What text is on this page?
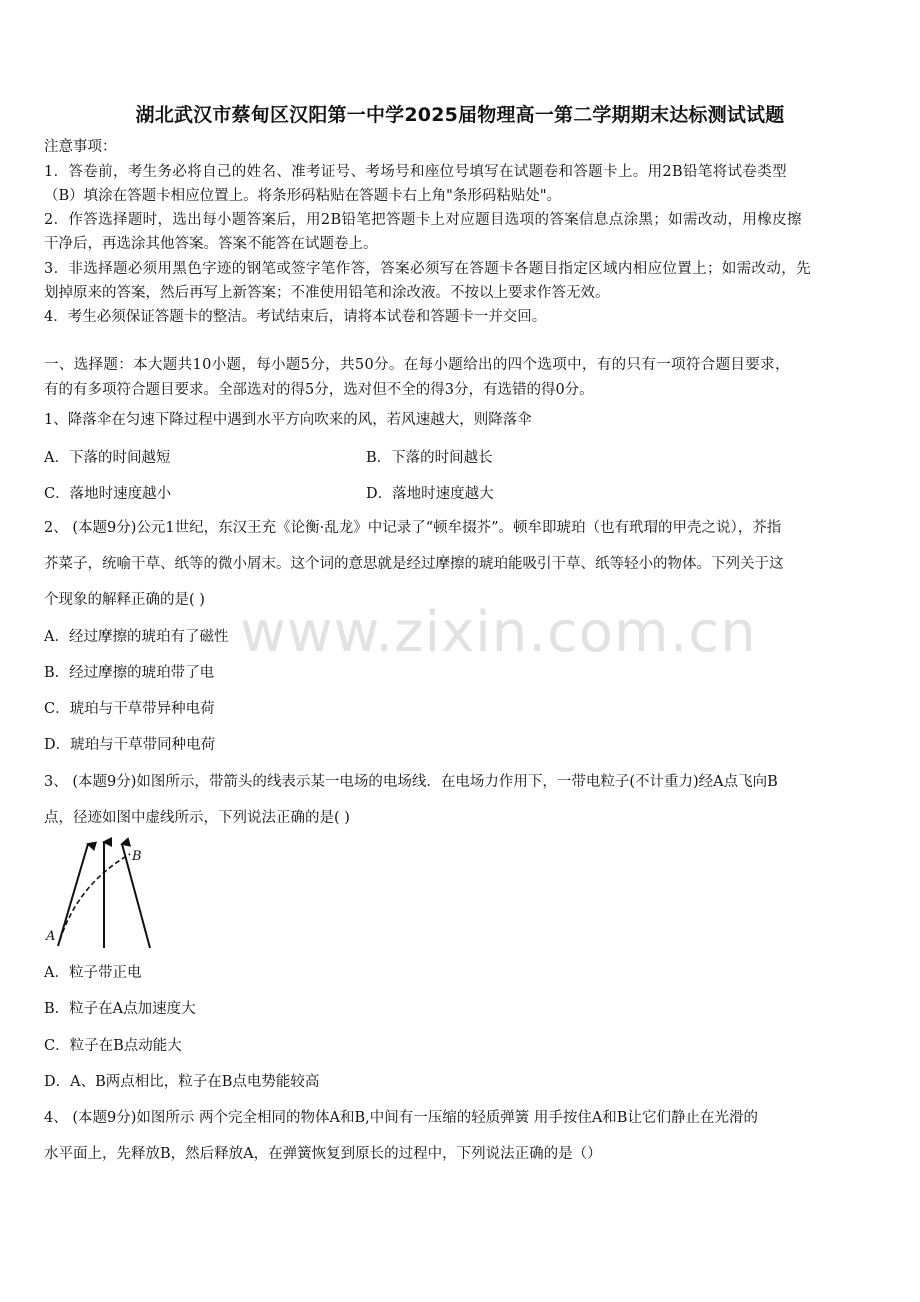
湖北武汉市蔡甸区汉阳第一中学2025届物理高一第二学期期末达标测试试题
注意事项：
1．答卷前，考生务必将自己的姓名、准考证号、考场号和座位号填写在试题卷和答题卡上。用2B铅笔将试卷类型
（B）填涂在答题卡相应位置上。将条形码粘贴在答题卡右上角"条形码粘贴处"。
2．作答选择题时，选出每小题答案后，用2B铅笔把答题卡上对应题目选项的答案信息点涂黑；如需改动，用橡皮擦
干净后，再选涂其他答案。答案不能答在试题卷上。
3．非选择题必须用黑色字迹的钢笔或签字笔作答，答案必须写在答题卡各题目指定区域内相应位置上；如需改动，先
划掉原来的答案，然后再写上新答案；不准使用铅笔和涂改液。不按以上要求作答无效。
4．考生必须保证答题卡的整洁。考试结束后，请将本试卷和答题卡一并交回。
一、选择题：本大题共10小题，每小题5分，共50分。在每小题给出的四个选项中，有的只有一项符合题目要求，
有的有多项符合题目要求。全部选对的得5分，选对但不全的得3分，有选错的得0分。
1、降落伞在匀速下降过程中遇到水平方向吹来的风，若风速越大，则降落伞
A．下落的时间越短	B．下落的时间越长
C．落地时速度越小	D．落地时速度越大
2、 (本题9分)公元1世纪，东汉王充《论衡·乱龙》中记录了“顿牟掇芥”。顿牟即琥珀（也有玳瑁的甲壳之说），芥指
芥菜子，统喻干草、纸等的微小屑末。这个词的意思就是经过摩擦的琥珀能吸引干草、纸等轻小的物体。下列关于这
个现象的解释正确的是( )
A．经过摩擦的琥珀有了磁性
B．经过摩擦的琥珀带了电
C．琥珀与干草带异种电荷
D．琥珀与干草带同种电荷
3、 (本题9分)如图所示，带箭头的线表示某一电场的电场线．在电场力作用下，一带电粒子(不计重力)经A点飞向B
点，径迹如图中虚线所示，下列说法正确的是( )
A
B
A．粒子带正电
B．粒子在A点加速度大
C．粒子在B点动能大
D．A、B两点相比，粒子在B点电势能较高
4、 (本题9分)如图所示 两个完全相同的物体A和B,中间有一压缩的轻质弹簧 用手按住A和B让它们静止在光滑的
水平面上，先释放B，然后释放A，在弹簧恢复到原长的过程中，下列说法正确的是（）
www.zixin.com.cn
